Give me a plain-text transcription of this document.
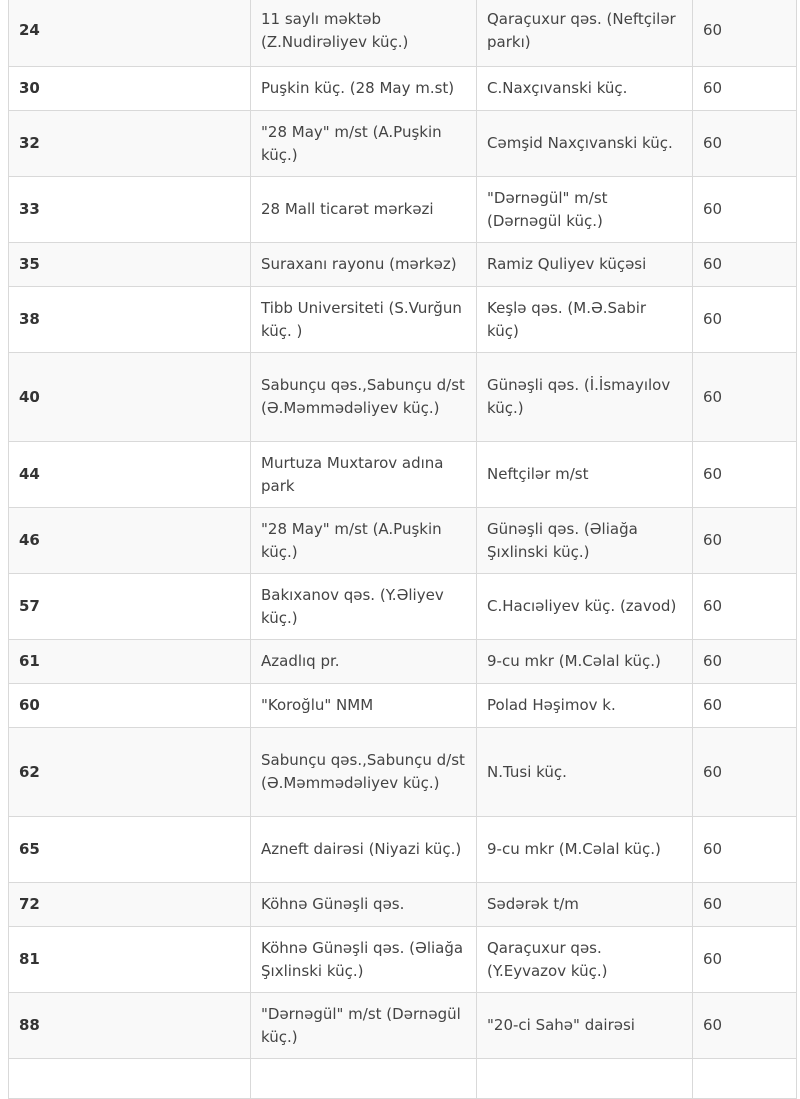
24	11 saylı məktəb (Z.Nudirəliyev küç.)	Qaraçuxur qəs. (Neftçilər parkı)	60
30	Puşkin küç. (28 May m.st)	C.Naxçıvanski küç.	60
32	"28 May" m/st (A.Puşkin küç.)	Cəmşid Naxçıvanski küç.	60
33	28 Mall ticarət mərkəzi	"Dərnəgül" m/st (Dərnəgül küç.)	60
35	Suraxanı rayonu (mərkəz)	Ramiz Quliyev küçəsi	60
38	Tibb Universiteti (S.Vurğun küç. )	Keşlə qəs. (M.Ə.Sabir küç)	60
40	Sabunçu qəs.,Sabunçu d/st (Ə.Məmmədəliyev küç.)	Günəşli qəs. (İ.İsmayılov küç.)	60
44	Murtuza Muxtarov adına park	Neftçilər m/st	60
46	"28 May" m/st (A.Puşkin küç.)	Günəşli qəs. (Əliağa Şıxlinski küç.)	60
57	Bakıxanov qəs. (Y.Əliyev küç.)	C.Hacıəliyev küç. (zavod)	60
61	Azadlıq pr.	9-cu mkr (M.Cəlal küç.)	60
60	"Koroğlu" NMM	Polad Həşimov k.	60
62	Sabunçu qəs.,Sabunçu d/st (Ə.Məmmədəliyev küç.)	N.Tusi küç.	60
65	Azneft dairəsi (Niyazi küç.)	9-cu mkr (M.Cəlal küç.)	60
72	Köhnə Günəşli qəs.	Sədərək t/m	60
81	Köhnə Günəşli qəs. (Əliağa Şıxlinski küç.)	Qaraçuxur qəs. (Y.Eyvazov küç.)	60
88	"Dərnəgül" m/st (Dərnəgül küç.)	"20-ci Sahə" dairəsi	60
